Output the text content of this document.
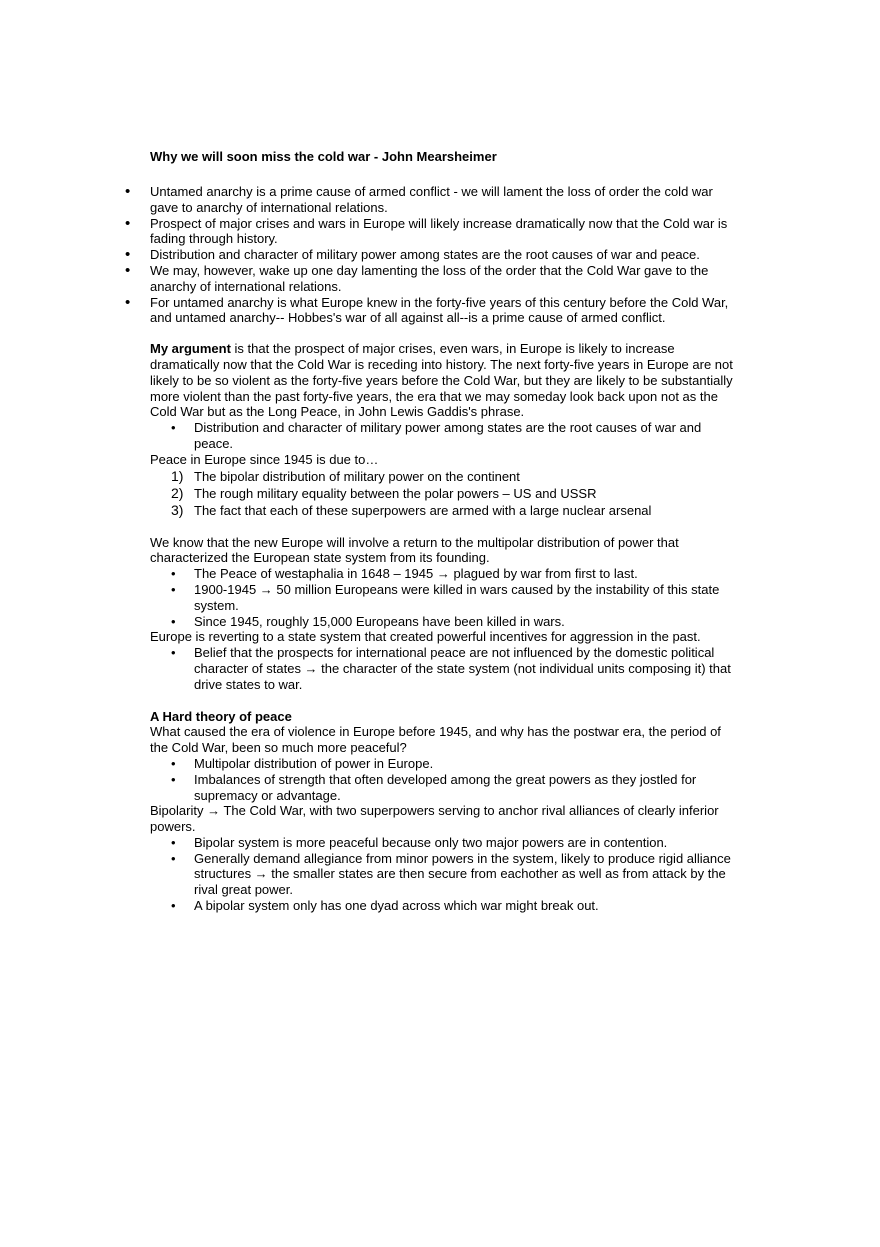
Why we will soon miss the cold war - John Mearsheimer
• Untamed anarchy is a prime cause of armed conflict - we will lament the loss of order the cold war gave to anarchy of international relations.
• Prospect of major crises and wars in Europe will likely increase dramatically now that the Cold war is fading through history.
• Distribution and character of military power among states are the root causes of war and peace.
• We may, however, wake up one day lamenting the loss of the order that the Cold War gave to the anarchy of international relations.
• For untamed anarchy is what Europe knew in the forty-five years of this century before the Cold War, and untamed anarchy-- Hobbes's war of all against all--is a prime cause of armed conflict.

My argument is that the prospect of major crises, even wars, in Europe is likely to increase dramatically now that the Cold War is receding into history. The next forty-five years in Europe are not likely to be so violent as the forty-five years before the Cold War, but they are likely to be substantially more violent than the past forty-five years, the era that we may someday look back upon not as the Cold War but as the Long Peace, in John Lewis Gaddis's phrase.

• Distribution and character of military power among states are the root causes of war and peace.

Peace in Europe since 1945 is due to…

1) The bipolar distribution of military power on the continent
2) The rough military equality between the polar powers – US and USSR
3) The fact that each of these superpowers are armed with a large nuclear arsenal

We know that the new Europe will involve a return to the multipolar distribution of power that characterized the European state system from its founding.

• The Peace of westaphalia in 1648 – 1945 → plagued by war from first to last.
• 1900-1945 → 50 million Europeans were killed in wars caused by the instability of this state system.
• Since 1945, roughly 15,000 Europeans have been killed in wars.

Europe is reverting to a state system that created powerful incentives for aggression in the past.

• Belief that the prospects for international peace are not influenced by the domestic political character of states → the character of the state system (not individual units composing it) that drive states to war.

A Hard theory of peace

What caused the era of violence in Europe before 1945, and why has the postwar era, the period of the Cold War, been so much more peaceful?

• Multipolar distribution of power in Europe.
• Imbalances of strength that often developed among the great powers as they jostled for supremacy or advantage.

Bipolarity → The Cold War, with two superpowers serving to anchor rival alliances of clearly inferior powers.

• Bipolar system is more peaceful because only two major powers are in contention.
• Generally demand allegiance from minor powers in the system, likely to produce rigid alliance structures → the smaller states are then secure from eachother as well as from attack by the rival great power.
• A bipolar system only has one dyad across which war might break out.
